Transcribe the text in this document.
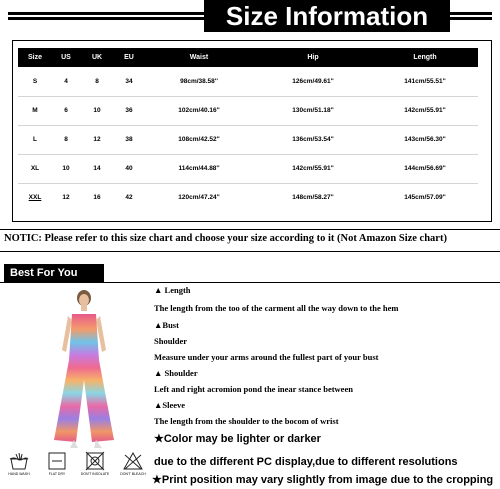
Size Information
Size	US	UK	EU	Waist	Hip	Length
S	4	8	34	98cm/38.58''	126cm/49.61''	141cm/55.51''
M	6	10	36	102cm/40.16''	130cm/51.18''	142cm/55.91''
L	8	12	38	108cm/42.52''	136cm/53.54''	143cm/56.30''
XL	10	14	40	114cm/44.88''	142cm/55.91''	144cm/56.69''
XXL	12	16	42	120cm/47.24''	148cm/58.27''	145cm/57.09''
NOTIC: Please refer to this size chart and choose your size according to it (Not Amazon Size chart)
Best For You
▲ Length
The length from the too of the carment all the way down to the hem
▲Bust
Shoulder
Measure under your arms around the fullest part of your bust
▲ Shoulder
Left and right acromion pond the inear stance between
▲Sleeve
The length from the shoulder to the bocom of wrist
★Color may be lighter or darker
due to the different PC display,due to different resolutions
★Print position may vary slightly from image due to the cropping
HAND WASH	FLAT DRY	DON'T INSOLATE	DON'T BLEACH
